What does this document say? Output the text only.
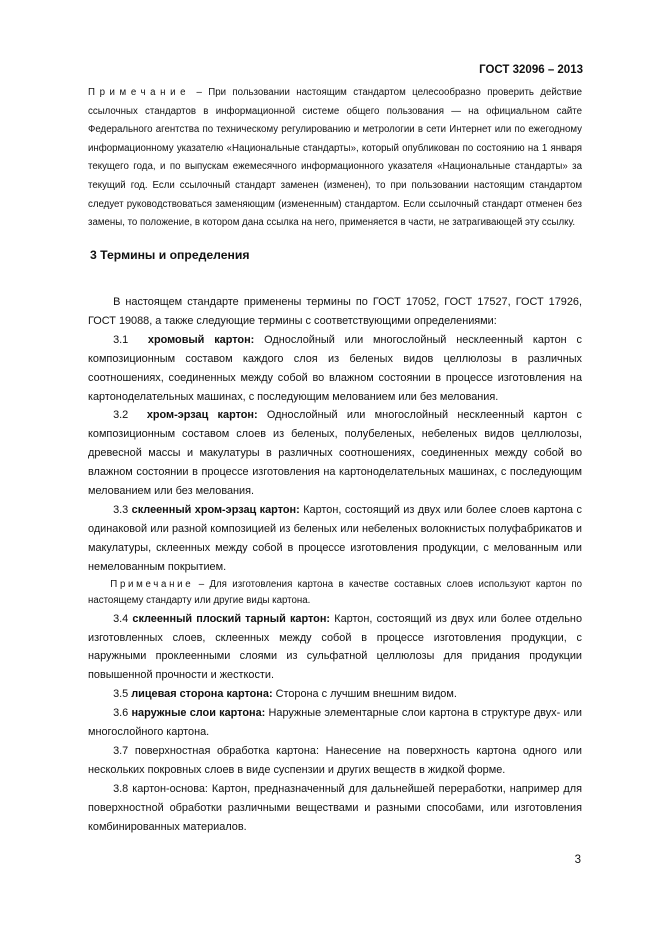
ГОСТ 32096 – 2013

Примечание – При пользовании настоящим стандартом целесообразно проверить действие ссылочных стандартов в информационной системе общего пользования — на официальном сайте Федерального агентства по техническому регулированию и метрологии в сети Интернет или по ежегодному информационному указателю «Национальные стандарты», который опубликован по состоянию на 1 января текущего года, и по выпускам ежемесячного информационного указателя «Национальные стандарты» за текущий год. Если ссылочный стандарт заменен (изменен), то при пользовании настоящим стандартом следует руководствоваться заменяющим (измененным) стандартом. Если ссылочный стандарт отменен без замены, то положение, в котором дана ссылка на него, применяется в части, не затрагивающей эту ссылку.

3 Термины и определения

В настоящем стандарте применены термины по ГОСТ 17052, ГОСТ 17527, ГОСТ 17926, ГОСТ 19088, а также следующие термины с соответствующими определениями:

3.1 хромовый картон: Однослойный или многослойный несклеенный картон с композиционным составом каждого слоя из беленых видов целлюлозы в различных соотношениях, соединенных между собой во влажном состоянии в процессе изготовления на картоноделательных машинах, с последующим мелованием или без мелования.

3.2 хром-эрзац картон: Однослойный или многослойный несклеенный картон с композиционным составом слоев из беленых, полубеленых, небеленых видов целлюлозы, древесной массы и макулатуры в различных соотношениях, соединенных между собой во влажном состоянии в процессе изготовления на картоноделательных машинах, с последующим мелованием или без мелования.

3.3 склеенный хром-эрзац картон: Картон, состоящий из двух или более слоев картона с одинаковой или разной композицией из беленых или небеленых волокнистых полуфабрикатов и макулатуры, склеенных между собой в процессе изготовления продукции, с мелованным или немелованным покрытием.

Примечание – Для изготовления картона в качестве составных слоев используют картон по настоящему стандарту или другие виды картона.

3.4 склеенный плоский тарный картон: Картон, состоящий из двух или более отдельно изготовленных слоев, склеенных между собой в процессе изготовления продукции, с наружными проклеенными слоями из сульфатной целлюлозы для придания продукции повышенной прочности и жесткости.

3.5 лицевая сторона картона: Сторона с лучшим внешним видом.

3.6 наружные слои картона: Наружные элементарные слои картона в структуре двух- или многослойного картона.

3.7 поверхностная обработка картона: Нанесение на поверхность картона одного или нескольких покровных слоев в виде суспензии и других веществ в жидкой форме.

3.8 картон-основа: Картон, предназначенный для дальнейшей переработки, например для поверхностной обработки различными веществами и разными способами, или изготовления комбинированных материалов.

3
